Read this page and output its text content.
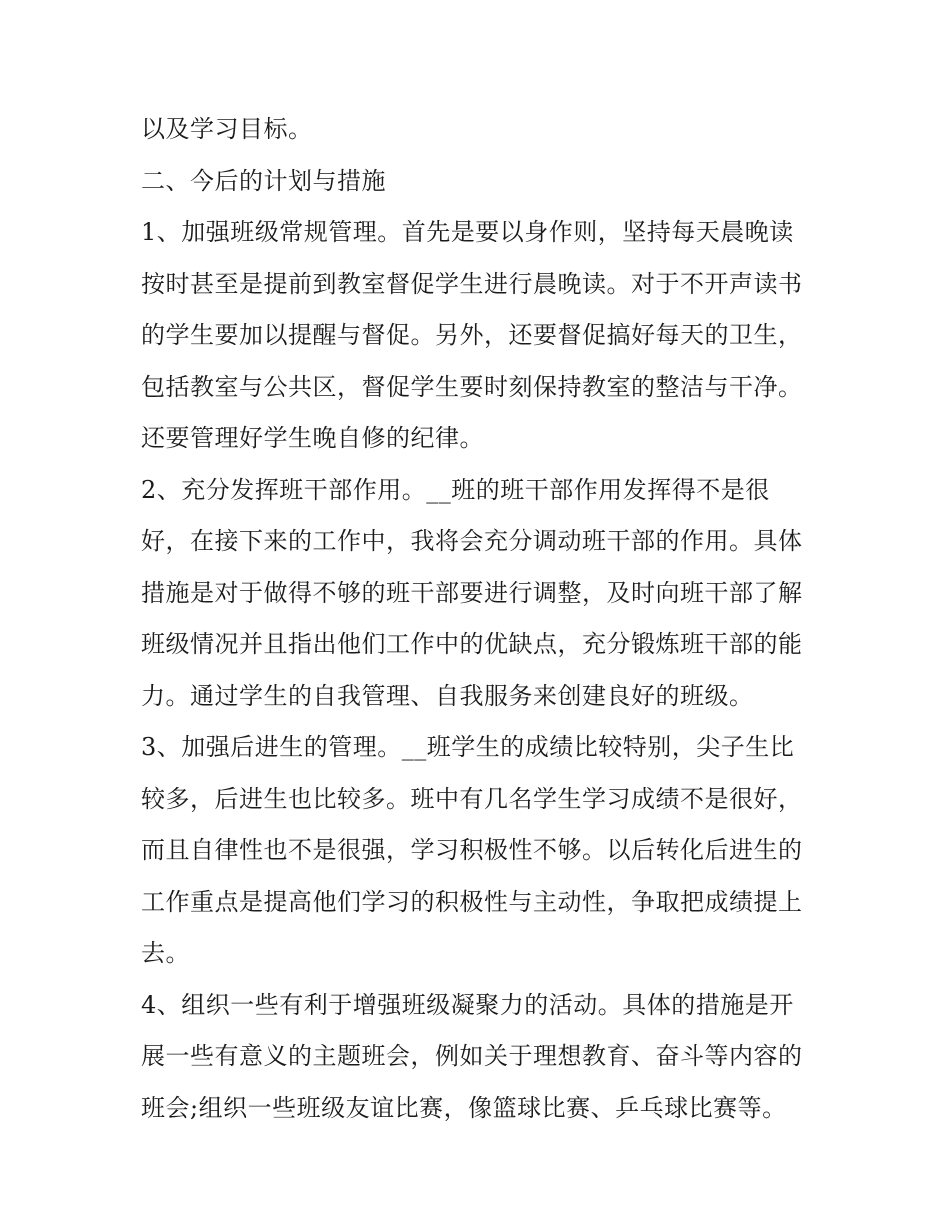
以及学习目标。
二、今后的计划与措施
1、加强班级常规管理。首先是要以身作则，坚持每天晨晚读
按时甚至是提前到教室督促学生进行晨晚读。对于不开声读书
的学生要加以提醒与督促。另外，还要督促搞好每天的卫生，
包括教室与公共区，督促学生要时刻保持教室的整洁与干净。
还要管理好学生晚自修的纪律。
2、充分发挥班干部作用。__班的班干部作用发挥得不是很
好，在接下来的工作中，我将会充分调动班干部的作用。具体
措施是对于做得不够的班干部要进行调整，及时向班干部了解
班级情况并且指出他们工作中的优缺点，充分锻炼班干部的能
力。通过学生的自我管理、自我服务来创建良好的班级。
3、加强后进生的管理。__班学生的成绩比较特别，尖子生比
较多，后进生也比较多。班中有几名学生学习成绩不是很好，
而且自律性也不是很强，学习积极性不够。以后转化后进生的
工作重点是提高他们学习的积极性与主动性，争取把成绩提上
去。
4、组织一些有利于增强班级凝聚力的活动。具体的措施是开
展一些有意义的主题班会，例如关于理想教育、奋斗等内容的
班会;组织一些班级友谊比赛，像篮球比赛、乒乓球比赛等。
